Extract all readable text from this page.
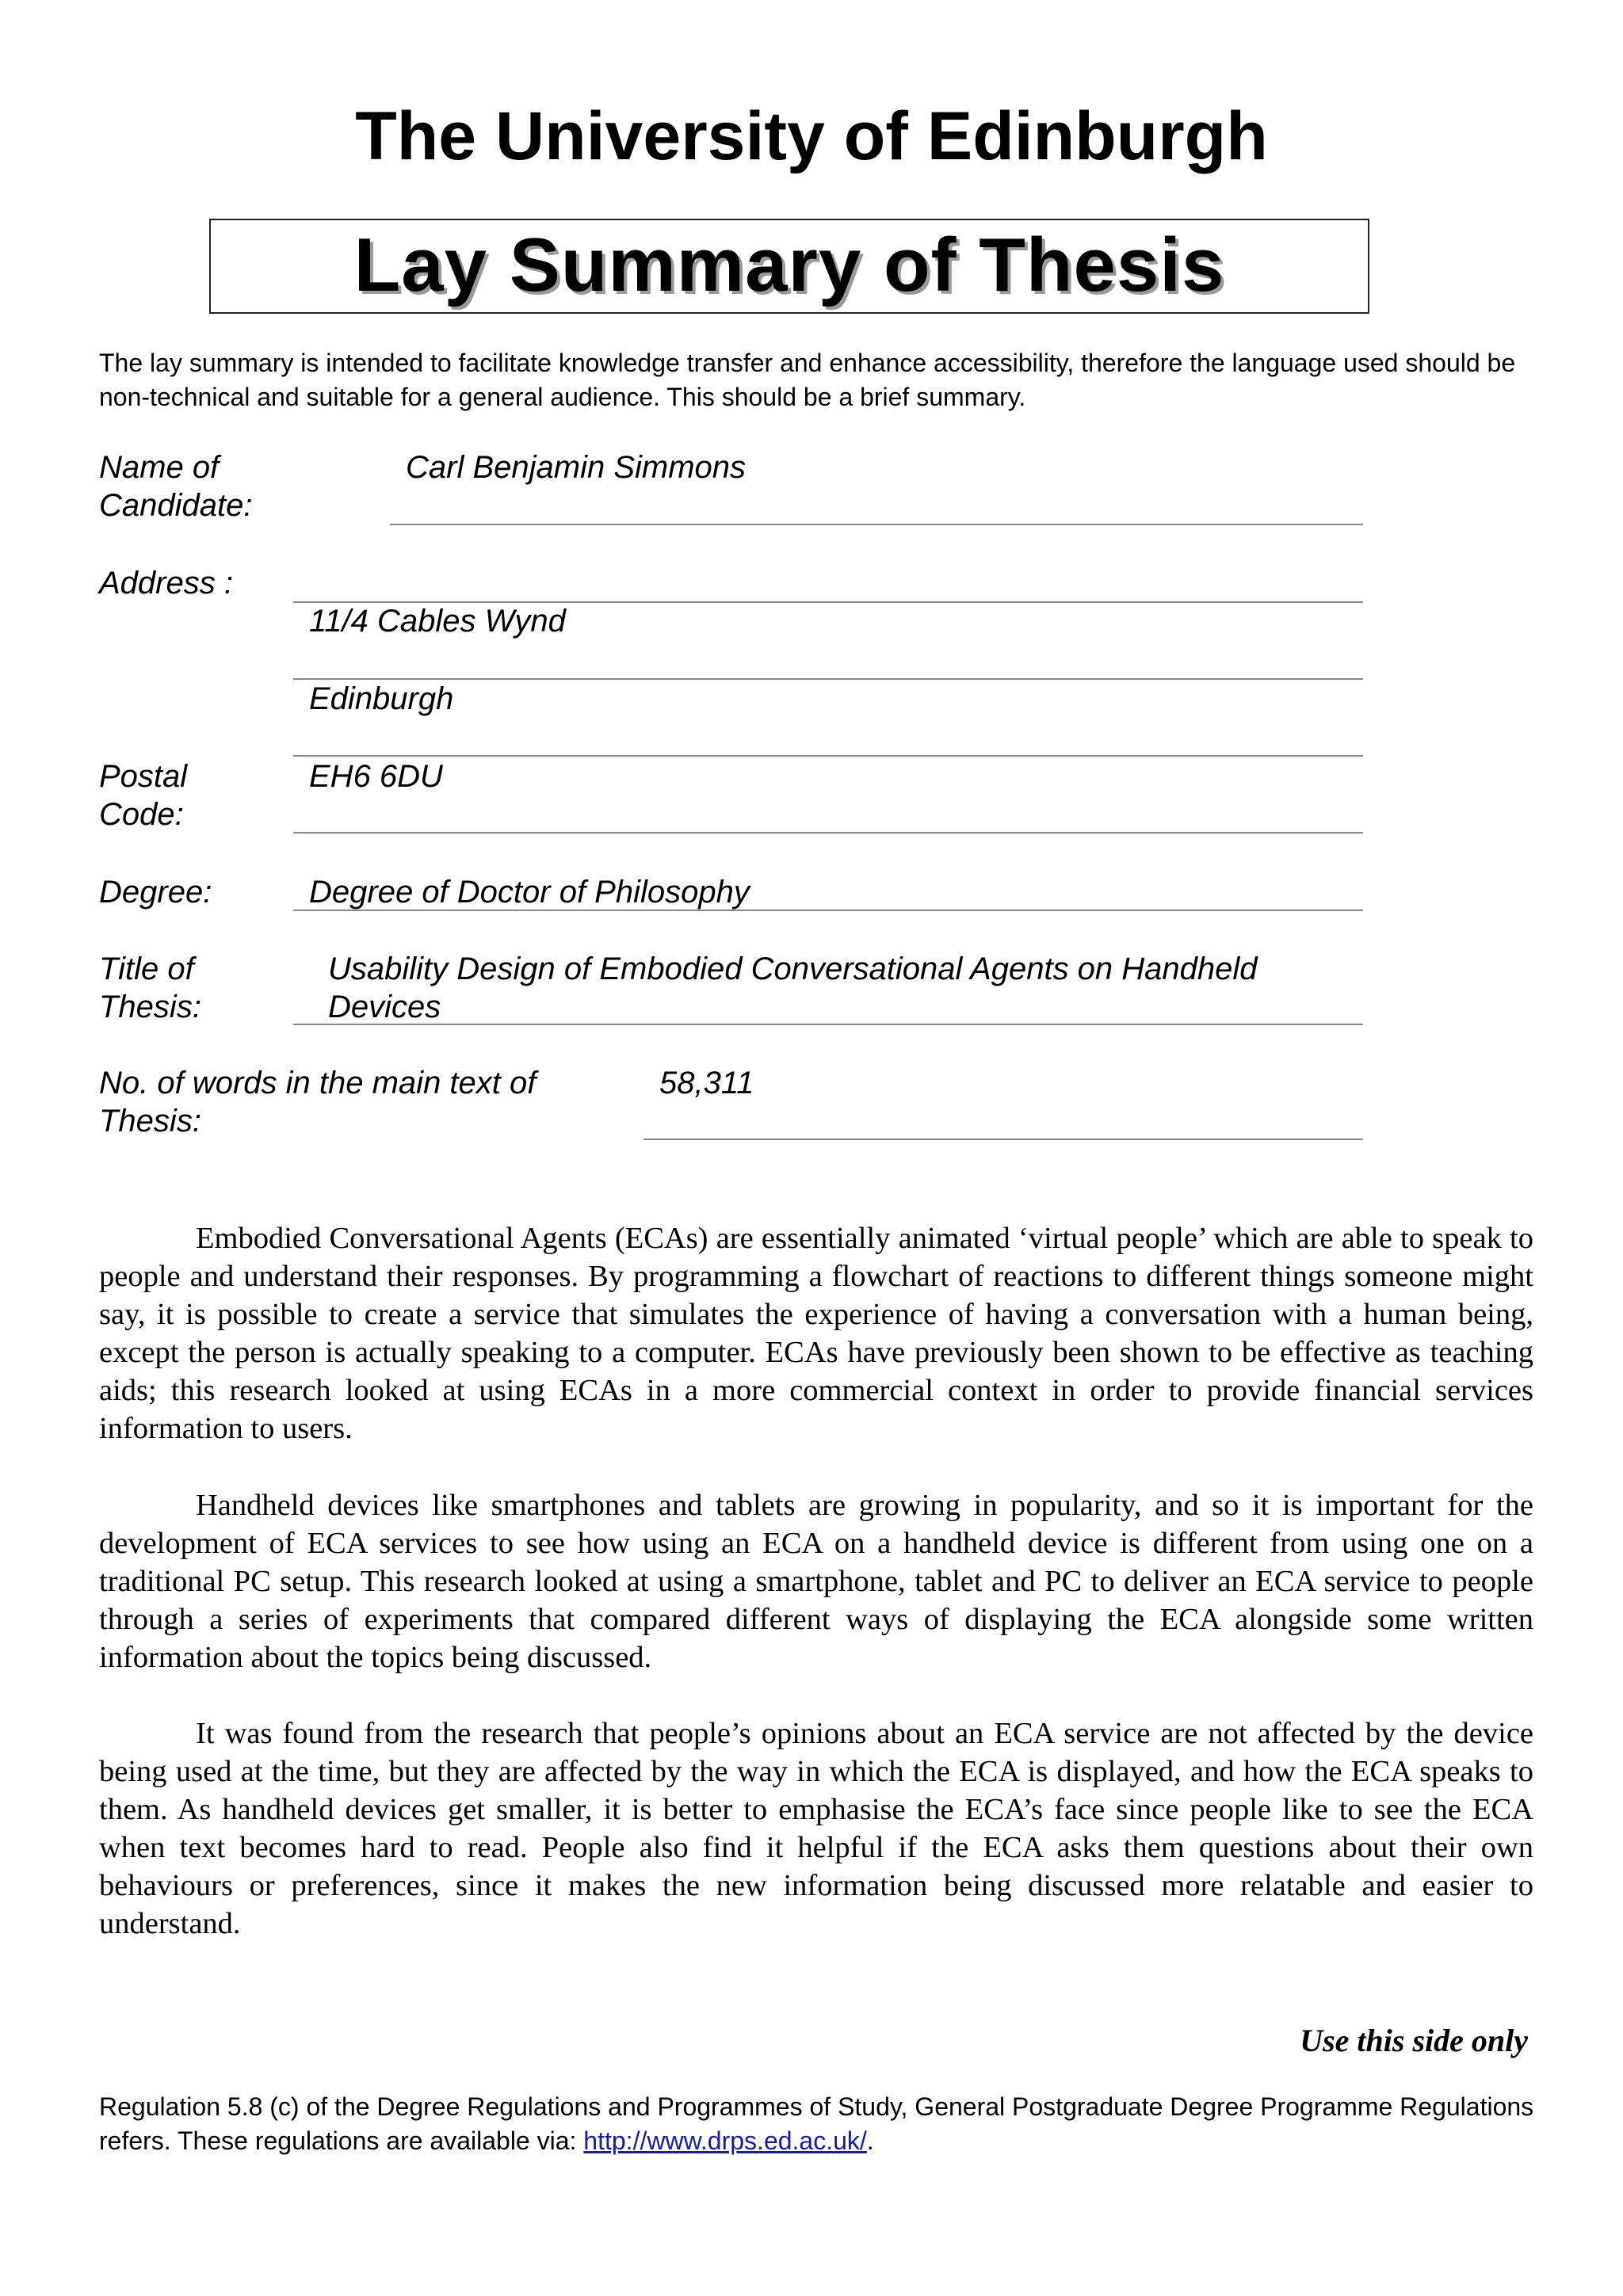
The University of Edinburgh
Lay Summary of Thesis
The lay summary is intended to facilitate knowledge transfer and enhance accessibility, therefore the language used should be non-technical and suitable for a general audience. This should be a brief summary.
Name of
Candidate:
Carl Benjamin Simmons
Address :
11/4 Cables Wynd
Edinburgh
Postal
Code:
EH6 6DU
Degree:	Degree of Doctor of Philosophy
Title of
Thesis:
Usability Design of Embodied Conversational Agents on Handheld
Devices
No. of words in the main text of
Thesis:
58,311
Embodied Conversational Agents (ECAs) are essentially animated ‘virtual people’ which are able to speak to people and understand their responses. By programming a flowchart of reactions to different things someone might say, it is possible to create a service that simulates the experience of having a conversation with a human being, except the person is actually speaking to a computer. ECAs have previously been shown to be effective as teaching aids; this research looked at using ECAs in a more commercial context in order to provide financial services information to users.
Handheld devices like smartphones and tablets are growing in popularity, and so it is important for the development of ECA services to see how using an ECA on a handheld device is different from using one on a traditional PC setup. This research looked at using a smartphone, tablet and PC to deliver an ECA service to people through a series of experiments that compared different ways of displaying the ECA alongside some written information about the topics being discussed.
It was found from the research that people’s opinions about an ECA service are not affected by the device being used at the time, but they are affected by the way in which the ECA is displayed, and how the ECA speaks to them. As handheld devices get smaller, it is better to emphasise the ECA’s face since people like to see the ECA when text becomes hard to read. People also find it helpful if the ECA asks them questions about their own behaviours or preferences, since it makes the new information being discussed more relatable and easier to understand.
Use this side only
Regulation 5.8 (c) of the Degree Regulations and Programmes of Study, General Postgraduate Degree Programme Regulations refers. These regulations are available via: http://www.drps.ed.ac.uk/.
